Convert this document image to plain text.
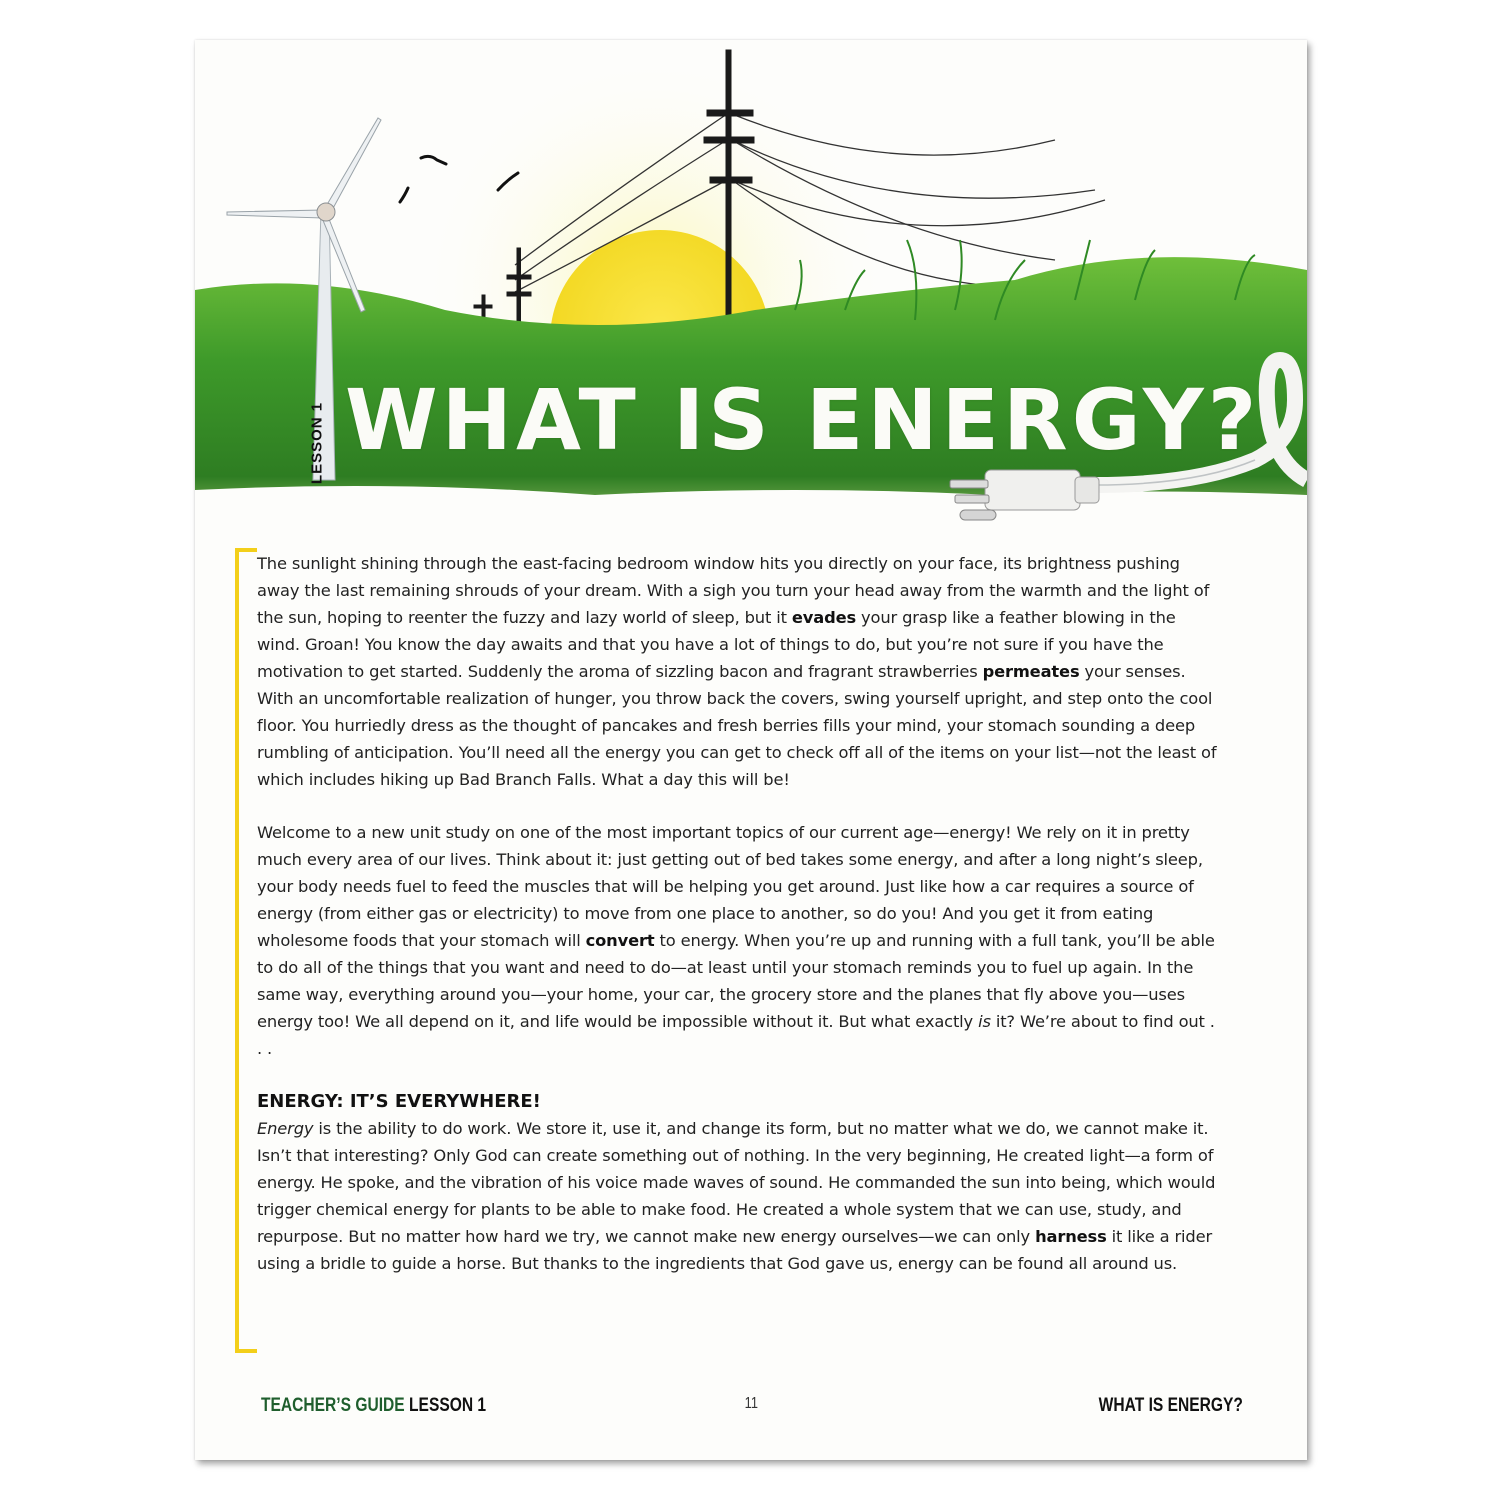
LESSON 1 WHAT IS ENERGY?

The sunlight shining through the east-facing bedroom window hits you directly on your face, its brightness pushing away the last remaining shrouds of your dream. With a sigh you turn your head away from the warmth and the light of the sun, hoping to reenter the fuzzy and lazy world of sleep, but it evades your grasp like a feather blowing in the wind. Groan! You know the day awaits and that you have a lot of things to do, but you’re not sure if you have the motivation to get started. Suddenly the aroma of sizzling bacon and fragrant strawberries permeates your senses. With an uncomfortable realization of hunger, you throw back the covers, swing yourself upright, and step onto the cool floor. You hurriedly dress as the thought of pancakes and fresh berries fills your mind, your stomach sounding a deep rumbling of anticipation. You’ll need all the energy you can get to check off all of the items on your list—not the least of which includes hiking up Bad Branch Falls. What a day this will be!

Welcome to a new unit study on one of the most important topics of our current age—energy! We rely on it in pretty much every area of our lives. Think about it: just getting out of bed takes some energy, and after a long night’s sleep, your body needs fuel to feed the muscles that will be helping you get around. Just like how a car requires a source of energy (from either gas or electricity) to move from one place to another, so do you! And you get it from eating wholesome foods that your stomach will convert to energy. When you’re up and running with a full tank, you’ll be able to do all of the things that you want and need to do—at least until your stomach reminds you to fuel up again. In the same way, everything around you—your home, your car, the grocery store and the planes that fly above you—uses energy too! We all depend on it, and life would be impossible without it. But what exactly is it? We’re about to find out . . .

ENERGY: IT’S EVERYWHERE!

Energy is the ability to do work. We store it, use it, and change its form, but no matter what we do, we cannot make it. Isn’t that interesting? Only God can create something out of nothing. In the very beginning, He created light—a form of energy. He spoke, and the vibration of his voice made waves of sound. He commanded the sun into being, which would trigger chemical energy for plants to be able to make food. He created a whole system that we can use, study, and repurpose. But no matter how hard we try, we cannot make new energy ourselves—we can only harness it like a rider using a bridle to guide a horse. But thanks to the ingredients that God gave us, energy can be found all around us.

TEACHER’S GUIDE LESSON 1	11	WHAT IS ENERGY?
